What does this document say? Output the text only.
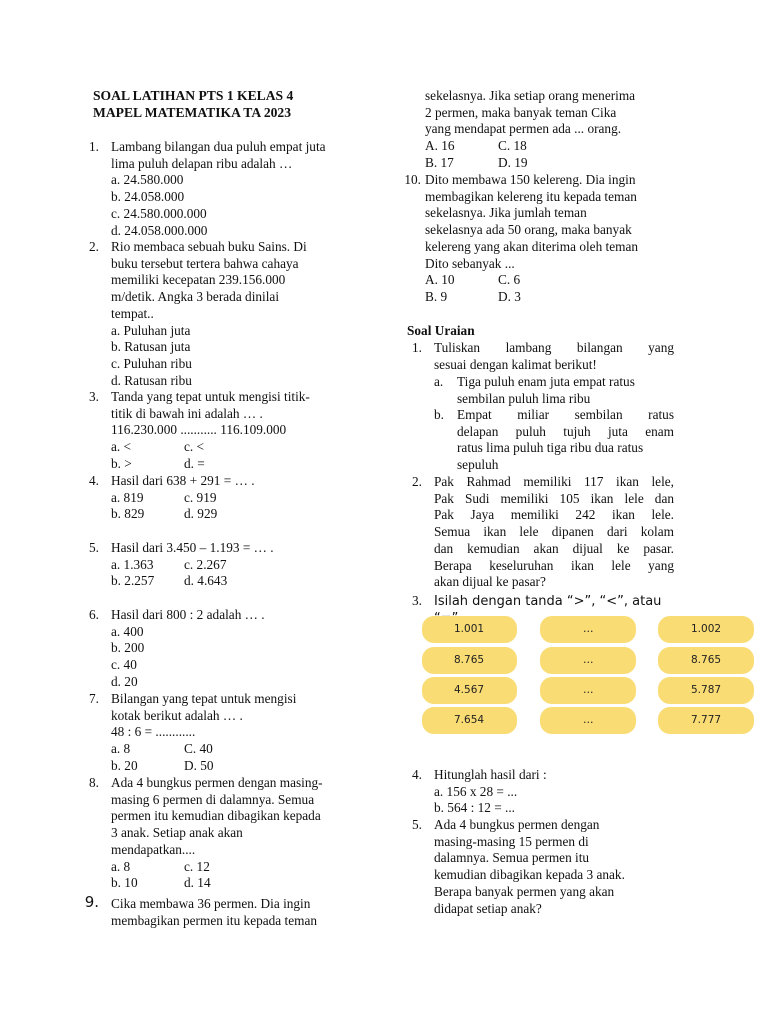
SOAL LATIHAN PTS 1 KELAS 4
MAPEL MATEMATIKA TA 2023
1. Lambang bilangan dua puluh empat juta
lima puluh delapan ribu adalah …
a. 24.580.000
b. 24.058.000
c. 24.580.000.000
d. 24.058.000.000
2. Rio membaca sebuah buku Sains. Di
buku tersebut tertera bahwa cahaya
memiliki kecepatan 239.156.000
m/detik. Angka 3 berada dinilai
tempat..
a. Puluhan juta
b. Ratusan juta
c. Puluhan ribu
d. Ratusan ribu
3. Tanda yang tepat untuk mengisi titik-
titik di bawah ini adalah … .
116.230.000 ........... 116.109.000
a. <	c. <
b. >	d. =
4. Hasil dari 638 + 291 = … .
a. 819	c. 919
b. 829	d. 929
5. Hasil dari 3.450 – 1.193 = … .
a. 1.363 c. 2.267
b. 2.257 d. 4.643
6. Hasil dari 800 : 2 adalah … .
a. 400
b. 200
c. 40
d. 20
7. Bilangan yang tepat untuk mengisi
kotak berikut adalah … .
48 : 6 = ............
a. 8	C. 40
b. 20	D. 50
8. Ada 4 bungkus permen dengan masing-
masing 6 permen di dalamnya. Semua
permen itu kemudian dibagikan kepada
3 anak. Setiap anak akan
mendapatkan....
a. 8	c. 12
b. 10	d. 14
9. Cika membawa 36 permen. Dia ingin
membagikan permen itu kepada teman
sekelasnya. Jika setiap orang menerima
2 permen, maka banyak teman Cika
yang mendapat permen ada ... orang.
A. 16	C. 18
B. 17	D. 19
10. Dito membawa 150 kelereng. Dia ingin
membagikan kelereng itu kepada teman
sekelasnya. Jika jumlah teman
sekelasnya ada 50 orang, maka banyak
kelereng yang akan diterima oleh teman
Dito sebanyak ...
A. 10	C. 6
B. 9	D. 3
Soal Uraian
1. Tuliskan lambang bilangan yang
sesuai dengan kalimat berikut!
a. Tiga puluh enam juta empat ratus
sembilan puluh lima ribu
b. Empat miliar sembilan ratus
delapan puluh tujuh juta enam
ratus lima puluh tiga ribu dua ratus
sepuluh
2. Pak Rahmad memiliki 117 ikan lele,
Pak Sudi memiliki 105 ikan lele dan
Pak Jaya memiliki 242 ikan lele.
Semua ikan lele dipanen dari kolam
dan kemudian akan dijual ke pasar.
Berapa keseluruhan ikan lele yang
akan dijual ke pasar?
3. Isilah dengan tanda “>”, “<”, atau
1.001	…	1.002
8.765	…	8.765
4.567	…	5.787
7.654	…	7.777
4. Hitunglah hasil dari :
a. 156 x 28 = ...
b. 564 : 12 = ...
5. Ada 4 bungkus permen dengan
masing-masing 15 permen di
dalamnya. Semua permen itu
kemudian dibagikan kepada 3 anak.
Berapa banyak permen yang akan
didapat setiap anak?
